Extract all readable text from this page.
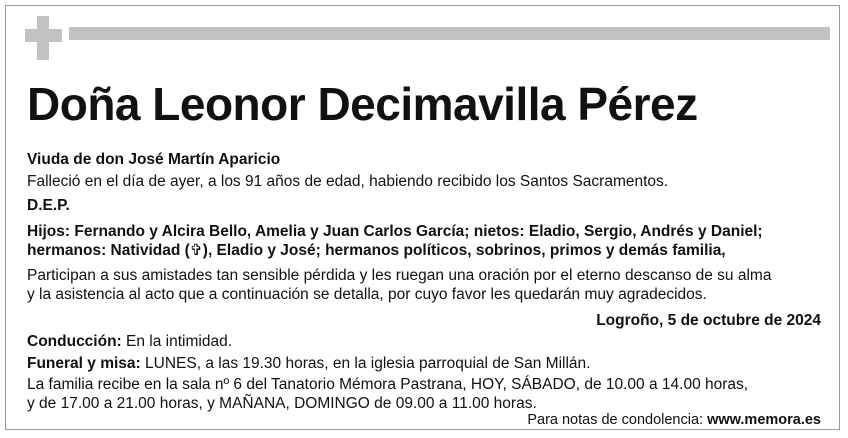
Doña Leonor Decimavilla Pérez
Viuda de don José Martín Aparicio
Falleció en el día de ayer, a los 91 años de edad, habiendo recibido los Santos Sacramentos.
D.E.P.
Hijos: Fernando y Alcira Bello, Amelia y Juan Carlos García; nietos: Eladio, Sergio, Andrés y Daniel;
hermanos: Natividad (✞), Eladio y José; hermanos políticos, sobrinos, primos y demás familia,
Participan a sus amistades tan sensible pérdida y les ruegan una oración por el eterno descanso de su alma
y la asistencia al acto que a continuación se detalla, por cuyo favor les quedarán muy agradecidos.
Logroño, 5 de octubre de 2024
Conducción: En la intimidad.
Funeral y misa: LUNES, a las 19.30 horas, en la iglesia parroquial de San Millán.
La familia recibe en la sala nº 6 del Tanatorio Mémora Pastrana, HOY, SÁBADO, de 10.00 a 14.00 horas,
y de 17.00 a 21.00 horas, y MAÑANA, DOMINGO de 09.00 a 11.00 horas.
Para notas de condolencia: www.memora.es
